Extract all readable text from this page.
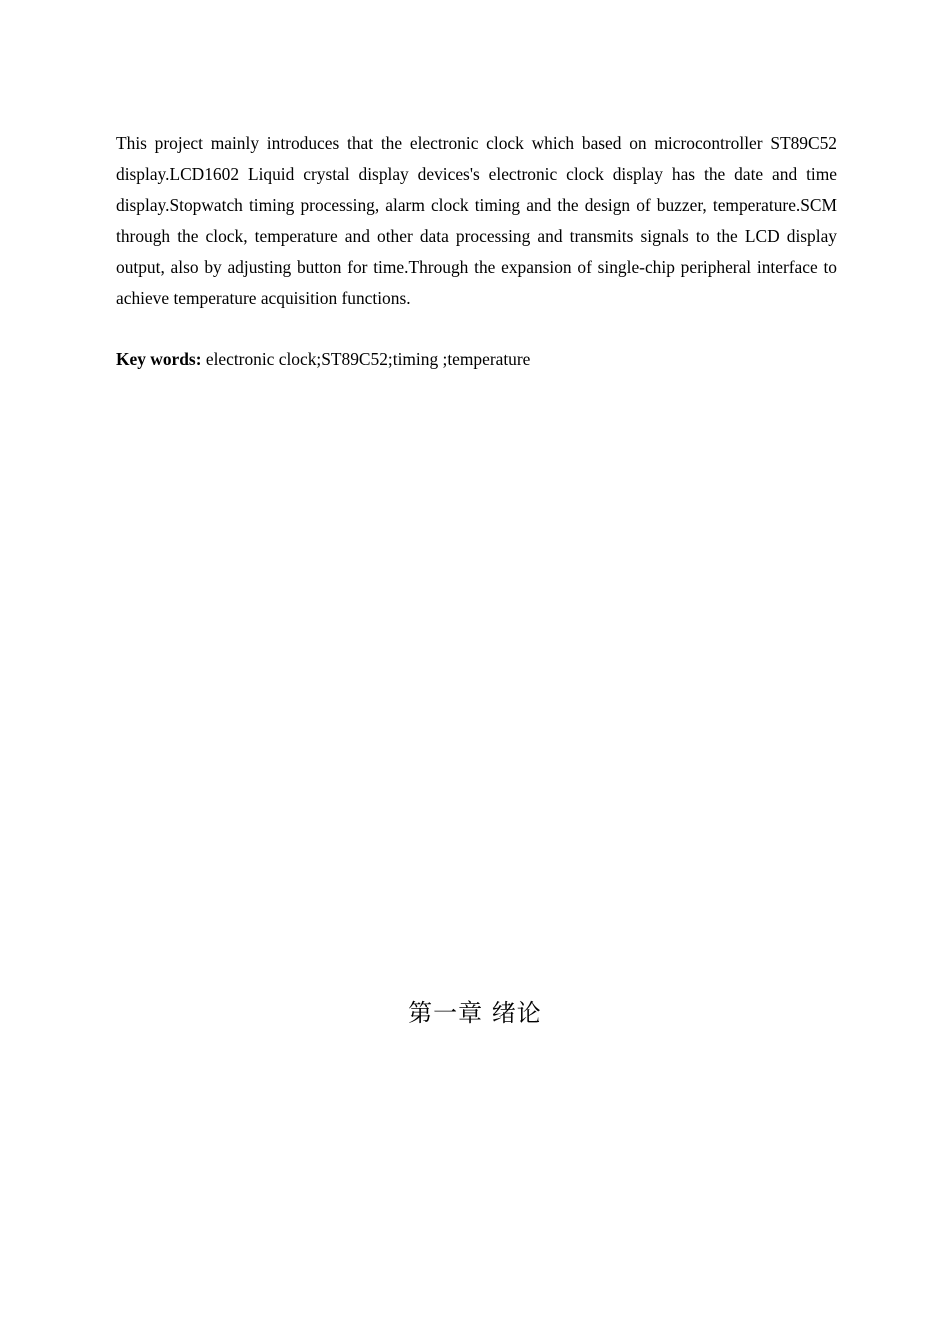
This project mainly introduces that the electronic clock which based on microcontroller ST89C52 display.LCD1602 Liquid crystal display devices's electronic clock display has the date and time display.Stopwatch timing processing, alarm clock timing and the design of buzzer, temperature.SCM through the clock, temperature and other data processing and transmits signals to the LCD display output, also by adjusting button for time.Through the expansion of single-chip peripheral interface to achieve temperature acquisition functions.

Key words: electronic clock;ST89C52;timing ;temperature

第一章 绪论
